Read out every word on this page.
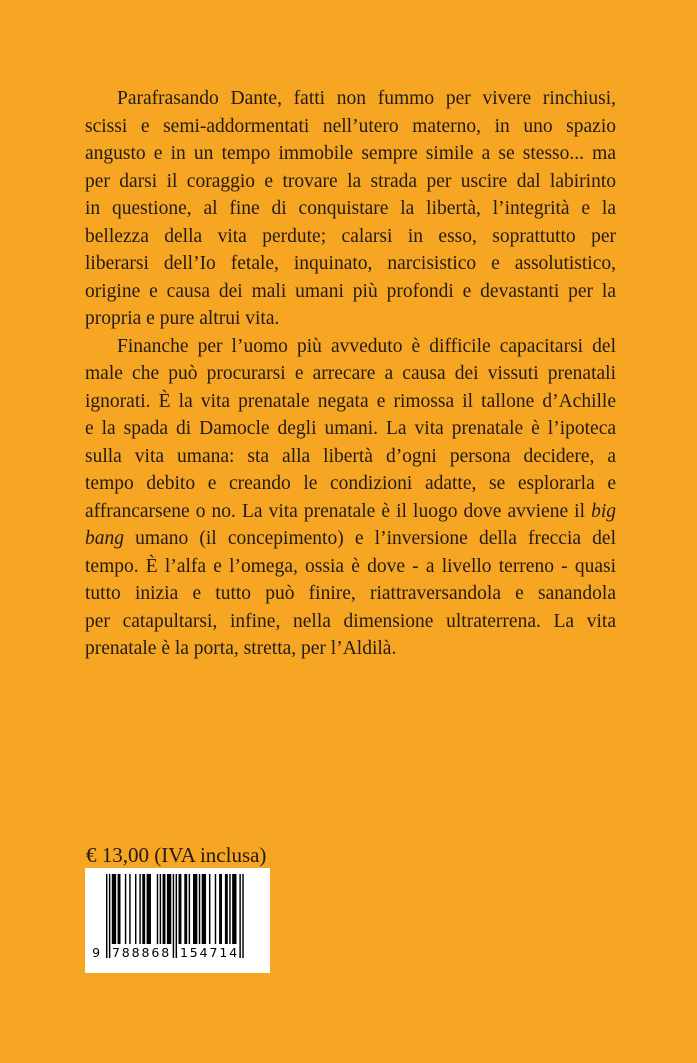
Parafrasando Dante, fatti non fummo per vivere rinchiusi,
scissi e semi-addormentati nell’utero materno, in uno spazio
angusto e in un tempo immobile sempre simile a se stesso... ma
per darsi il coraggio e trovare la strada per uscire dal labirinto
in questione, al fine di conquistare la libertà, l’integrità e la
bellezza della vita perdute; calarsi in esso, soprattutto per
liberarsi dell’Io fetale, inquinato, narcisistico e assolutistico,
origine e causa dei mali umani più profondi e devastanti per la
propria e pure altrui vita.
Finanche per l’uomo più avveduto è difficile capacitarsi del
male che può procurarsi e arrecare a causa dei vissuti prenatali
ignorati. È la vita prenatale negata e rimossa il tallone d’Achille
e la spada di Damocle degli umani. La vita prenatale è l’ipoteca
sulla vita umana: sta alla libertà d’ogni persona decidere, a
tempo debito e creando le condizioni adatte, se esplorarla e
affrancarsene o no. La vita prenatale è il luogo dove avviene il big
bang umano (il concepimento) e l’inversione della freccia del
tempo. È l’alfa e l’omega, ossia è dove - a livello terreno - quasi
tutto inizia e tutto può finire, riattraversandola e sanandola
per catapultarsi, infine, nella dimensione ultraterrena. La vita
prenatale è la porta, stretta, per l’Aldilà.
€ 13,00 (IVA inclusa)
9 788868 154714
